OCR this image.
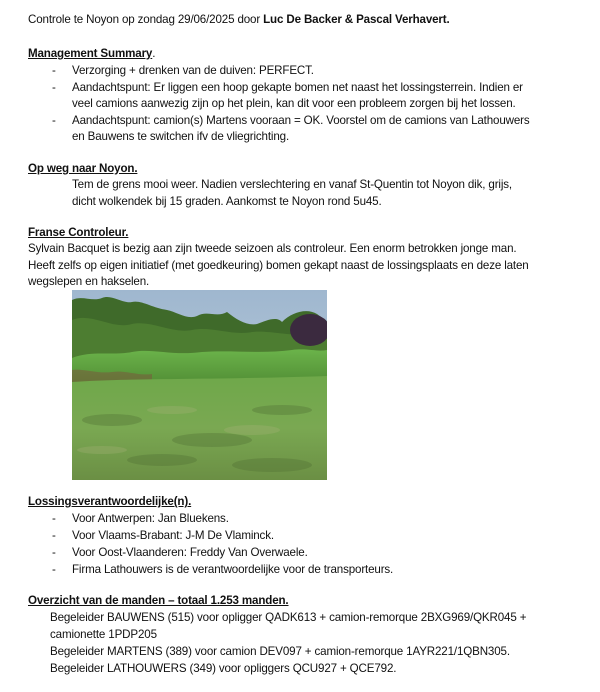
Controle te Noyon op zondag 29/06/2025 door Luc De Backer & Pascal Verhavert.
Management Summary.
- Verzorging + drenken van de duiven: PERFECT.
- Aandachtspunt: Er liggen een hoop gekapte bomen net naast het lossingsterrein. Indien er
veel camions aanwezig zijn op het plein, kan dit voor een probleem zorgen bij het lossen.
- Aandachtspunt: camion(s) Martens vooraan = OK. Voorstel om de camions van Lathouwers
en Bauwens te switchen ifv de vliegrichting.
Op weg naar Noyon.
Tem de grens mooi weer. Nadien verslechtering en vanaf St-Quentin tot Noyon dik, grijs,
dicht wolkendek bij 15 graden. Aankomst te Noyon rond 5u45.
Franse Controleur.
Sylvain Bacquet is bezig aan zijn tweede seizoen als controleur. Een enorm betrokken jonge man.
Heeft zelfs op eigen initiatief (met goedkeuring) bomen gekapt naast de lossingsplaats en deze laten
wegslepen en hakselen.
Lossingsverantwoordelijke(n).
- Voor Antwerpen: Jan Bluekens.
- Voor Vlaams-Brabant: J-M De Vlaminck.
- Voor Oost-Vlaanderen: Freddy Van Overwaele.
- Firma Lathouwers is de verantwoordelijke voor de transporteurs.
Overzicht van de manden – totaal 1.253 manden.
Begeleider BAUWENS (515) voor opligger QADK613 + camion-remorque 2BXG969/QKR045 +
camionette 1PDP205
Begeleider MARTENS (389) voor camion DEV097 + camion-remorque 1AYR221/1QBN305.
Begeleider LATHOUWERS (349) voor opliggers QCU927 + QCE792.
